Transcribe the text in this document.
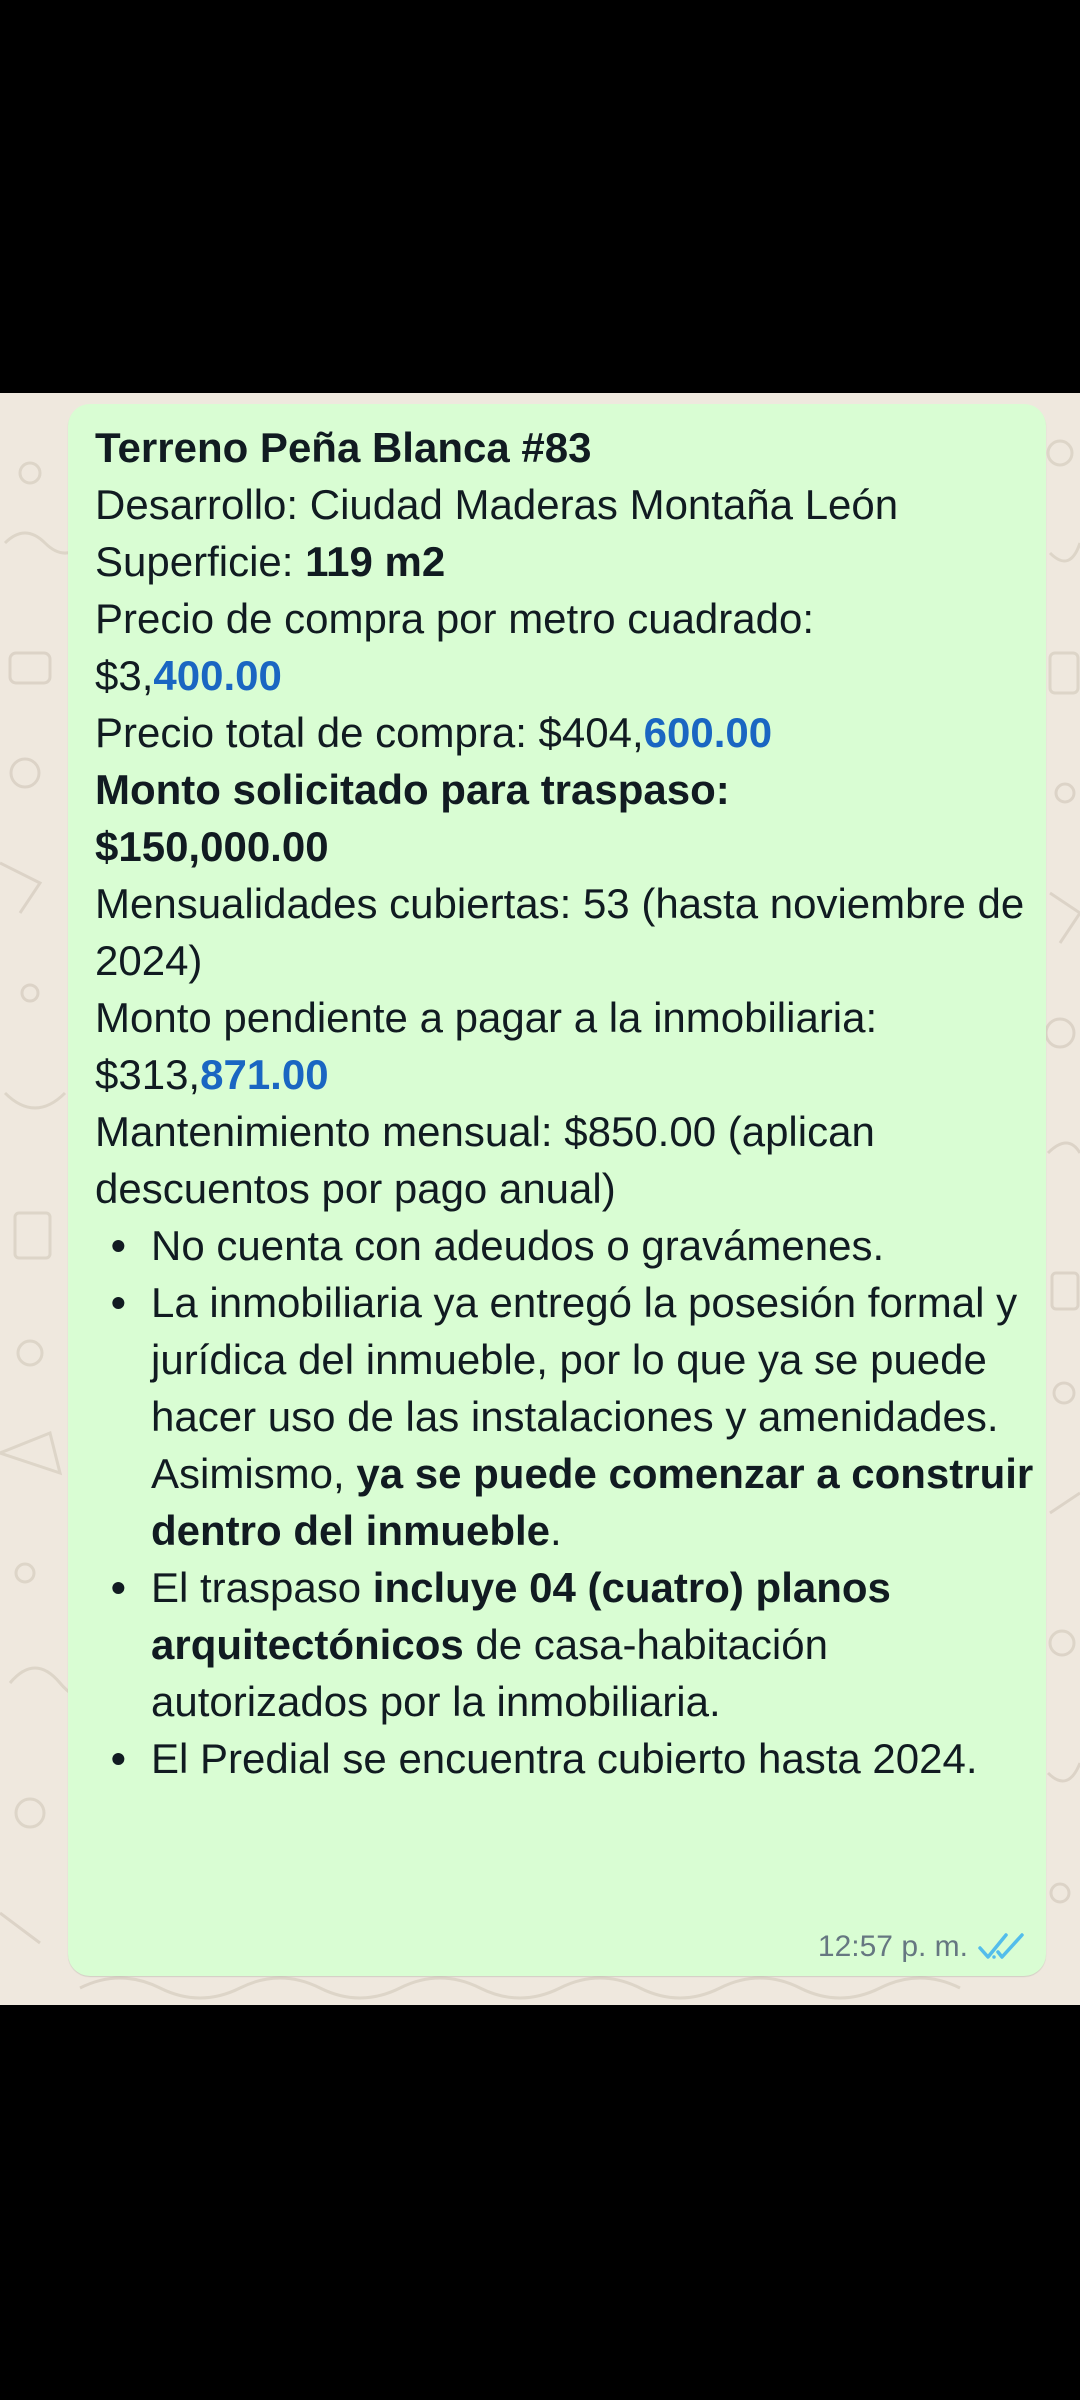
Terreno Peña Blanca #83

Desarrollo: Ciudad Maderas Montaña León

Superficie: 119 m2

Precio de compra por metro cuadrado:

$3,400.00

Precio total de compra: $404,600.00

Monto solicitado para traspaso:

$150,000.00

Mensualidades cubiertas: 53 (hasta noviembre de 2024)

Monto pendiente a pagar a la inmobiliaria: $313,871.00

Mantenimiento mensual: $850.00 (aplican descuentos por pago anual)

• No cuenta con adeudos o gravámenes.
• La inmobiliaria ya entregó la posesión formal y jurídica del inmueble, por lo que ya se puede hacer uso de las instalaciones y amenidades. Asimismo, ya se puede comenzar a construir dentro del inmueble.
• El traspaso incluye 04 (cuatro) planos arquitectónicos de casa-habitación autorizados por la inmobiliaria.
• El Predial se encuentra cubierto hasta 2024.
12:57 p. m.
